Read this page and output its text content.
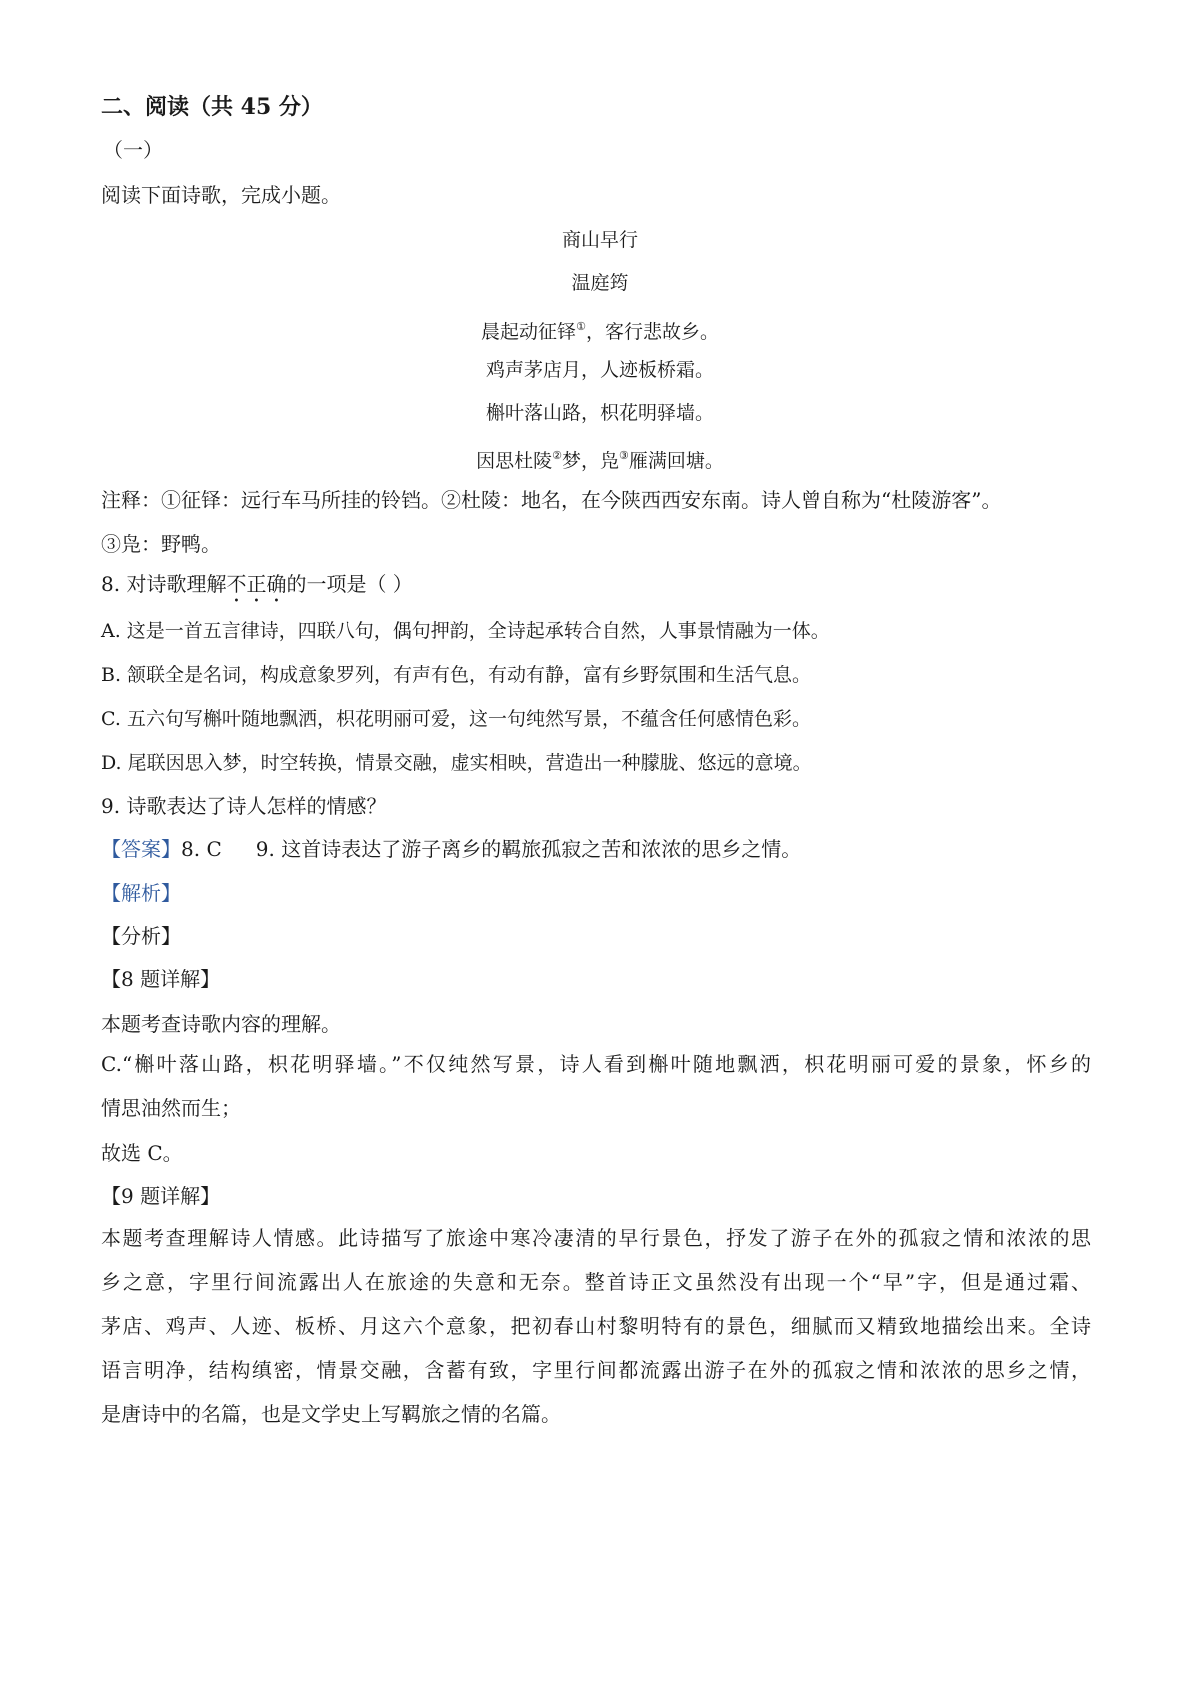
二、阅读（共 45 分）
（一）
阅读下面诗歌，完成小题。
商山早行
温庭筠
晨起动征铎①，客行悲故乡。
鸡声茅店月，人迹板桥霜。
槲叶落山路，枳花明驿墙。
因思杜陵②梦，凫③雁满回塘。
注释：①征铎：远行车马所挂的铃铛。②杜陵：地名，在今陕西西安东南。诗人曾自称为“杜陵游客”。
③凫：野鸭。
8. 对诗歌理解不正确的一项是（ ）
A. 这是一首五言律诗，四联八句，偶句押韵，全诗起承转合自然，人事景情融为一体。
B. 颔联全是名词，构成意象罗列，有声有色，有动有静，富有乡野氛围和生活气息。
C. 五六句写槲叶随地飘洒，枳花明丽可爱，这一句纯然写景，不蕴含任何感情色彩。
D. 尾联因思入梦，时空转换，情景交融，虚实相映，营造出一种朦胧、悠远的意境。
9. 诗歌表达了诗人怎样的情感？
【答案】8. C 9. 这首诗表达了游子离乡的羁旅孤寂之苦和浓浓的思乡之情。
【解析】
【分析】
【8 题详解】
本题考查诗歌内容的理解。
C.“槲叶落山路，枳花明驿墙。”不仅纯然写景，诗人看到槲叶随地飘洒，枳花明丽可爱的景象，怀乡的
情思油然而生；
故选 C。
【9 题详解】
本题考查理解诗人情感。此诗描写了旅途中寒冷凄清的早行景色，抒发了游子在外的孤寂之情和浓浓的思
乡之意，字里行间流露出人在旅途的失意和无奈。整首诗正文虽然没有出现一个“早”字，但是通过霜、
茅店、鸡声、人迹、板桥、月这六个意象，把初春山村黎明特有的景色，细腻而又精致地描绘出来。全诗
语言明净，结构缜密，情景交融，含蓄有致，字里行间都流露出游子在外的孤寂之情和浓浓的思乡之情，
是唐诗中的名篇，也是文学史上写羁旅之情的名篇。
